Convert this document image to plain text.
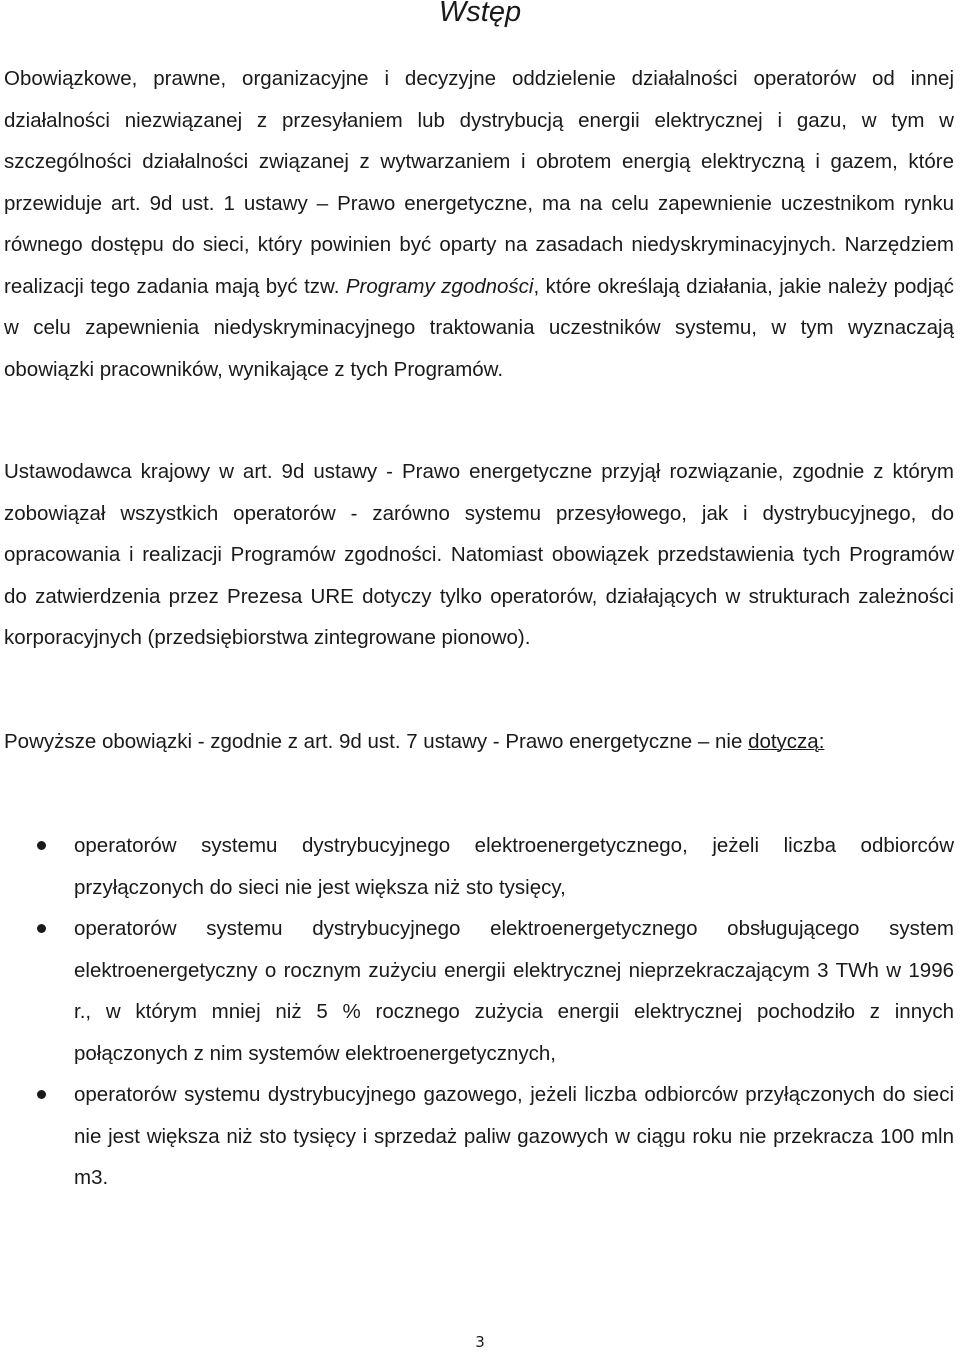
Wstęp

Obowiązkowe, prawne, organizacyjne i decyzyjne oddzielenie działalności operatorów od innej działalności niezwiązanej z przesyłaniem lub dystrybucją energii elektrycznej i gazu, w tym w szczególności działalności związanej z wytwarzaniem i obrotem energią elektryczną i gazem, które przewiduje art. 9d ust. 1 ustawy – Prawo energetyczne, ma na celu zapewnienie uczestnikom rynku równego dostępu do sieci, który powinien być oparty na zasadach niedyskryminacyjnych. Narzędziem realizacji tego zadania mają być tzw. Programy zgodności, które określają działania, jakie należy podjąć w celu zapewnienia niedyskryminacyjnego traktowania uczestników systemu, w tym wyznaczają obowiązki pracowników, wynikające z tych Programów.

Ustawodawca krajowy w art. 9d ustawy - Prawo energetyczne przyjął rozwiązanie, zgodnie z którym zobowiązał wszystkich operatorów - zarówno systemu przesyłowego, jak i dystrybucyjnego, do opracowania i realizacji Programów zgodności. Natomiast obowiązek przedstawienia tych Programów do zatwierdzenia przez Prezesa URE dotyczy tylko operatorów, działających w strukturach zależności korporacyjnych (przedsiębiorstwa zintegrowane pionowo).

Powyższe obowiązki - zgodnie z art. 9d ust. 7 ustawy - Prawo energetyczne – nie dotyczą:

operatorów systemu dystrybucyjnego elektroenergetycznego, jeżeli liczba odbiorców przyłączonych do sieci nie jest większa niż sto tysięcy,
operatorów systemu dystrybucyjnego elektroenergetycznego obsługującego system elektroenergetyczny o rocznym zużyciu energii elektrycznej nieprzekraczającym 3 TWh w 1996 r., w którym mniej niż 5 % rocznego zużycia energii elektrycznej pochodziło z innych połączonych z nim systemów elektroenergetycznych,
operatorów systemu dystrybucyjnego gazowego, jeżeli liczba odbiorców przyłączonych do sieci nie jest większa niż sto tysięcy i sprzedaż paliw gazowych w ciągu roku nie przekracza 100 mln m3.
3
